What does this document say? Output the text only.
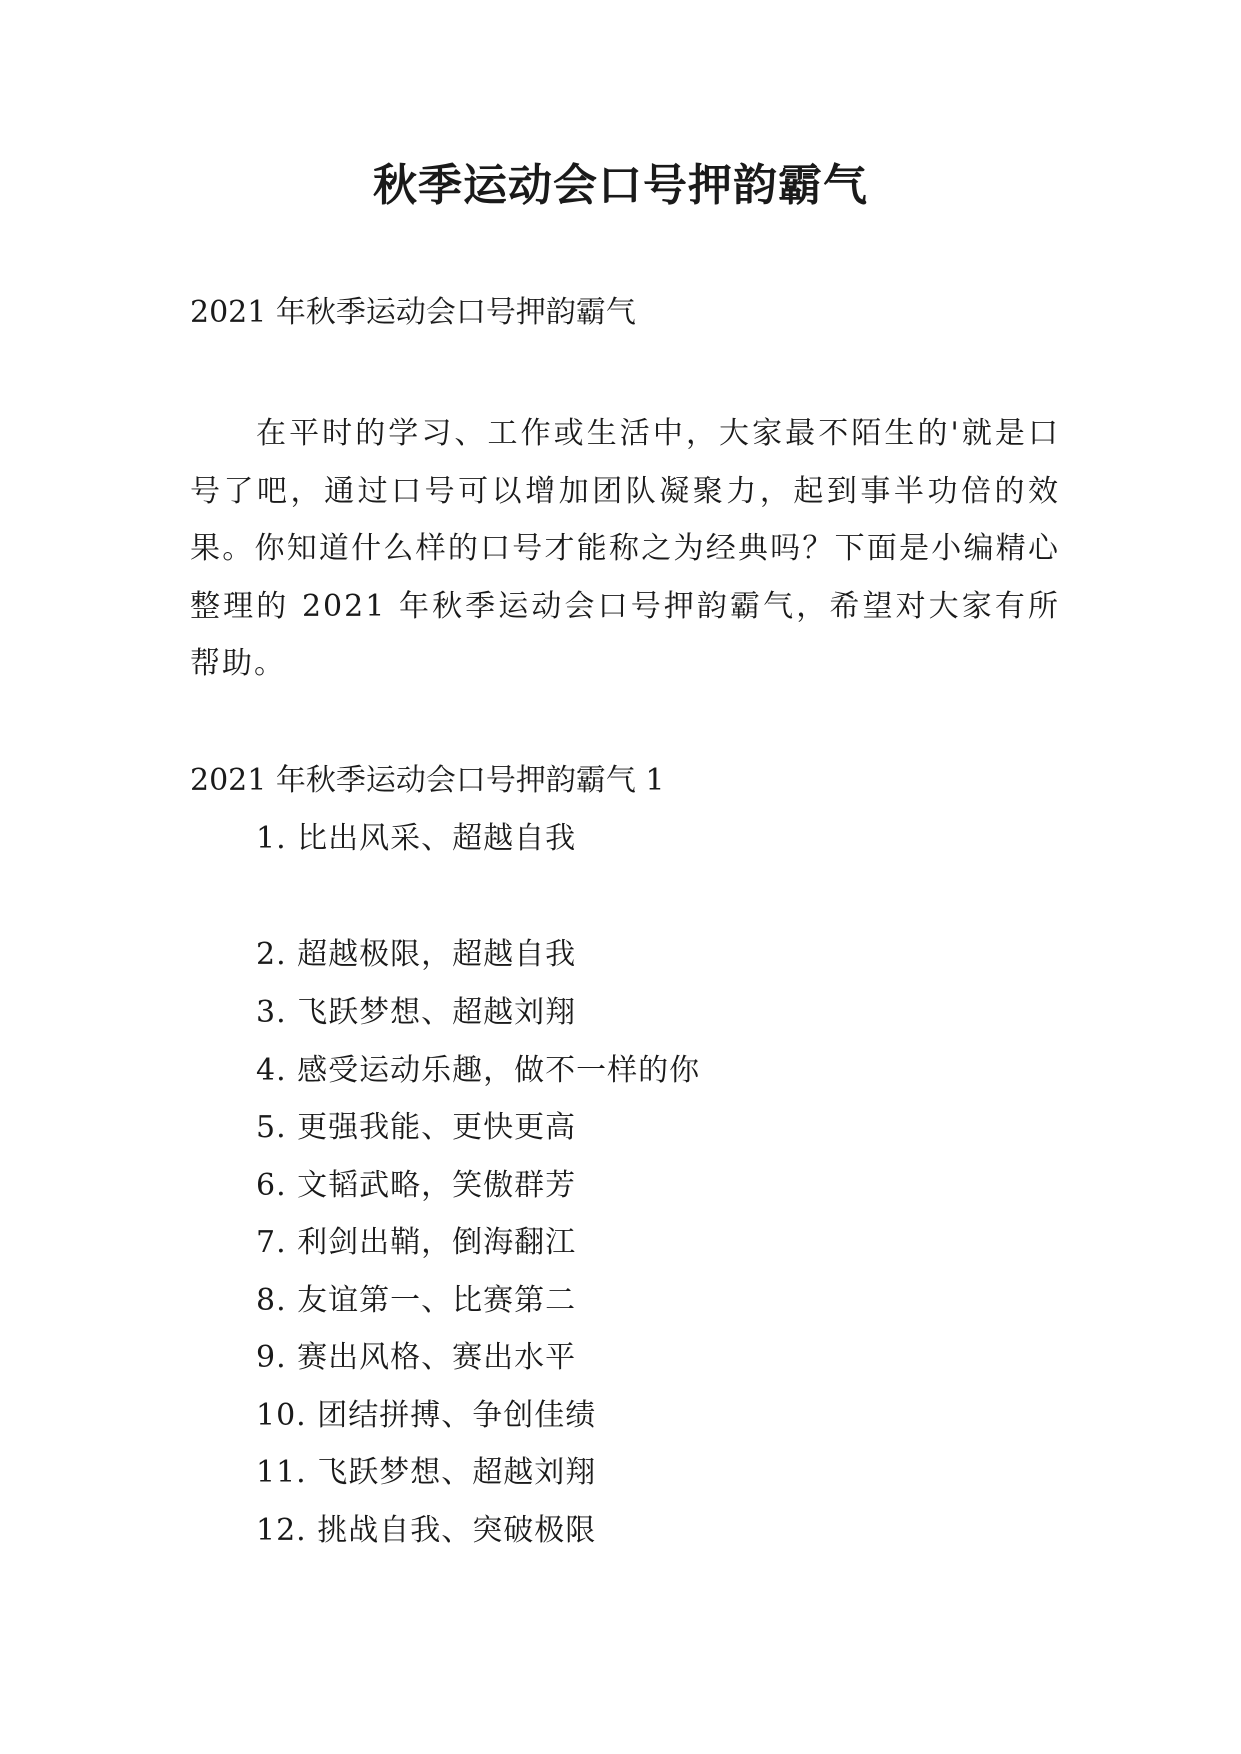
秋季运动会口号押韵霸气

2021 年秋季运动会口号押韵霸气

在平时的学习、工作或生活中，大家最不陌生的'就是口号了吧，通过口号可以增加团队凝聚力，起到事半功倍的效果。你知道什么样的口号才能称之为经典吗？下面是小编精心整理的 2021 年秋季运动会口号押韵霸气，希望对大家有所帮助。

2021 年秋季运动会口号押韵霸气 1

1. 比出风采、超越自我
2. 超越极限，超越自我
3. 飞跃梦想、超越刘翔
4. 感受运动乐趣，做不一样的你
5. 更强我能、更快更高
6. 文韬武略，笑傲群芳
7. 利剑出鞘，倒海翻江
8. 友谊第一、比赛第二
9. 赛出风格、赛出水平
10. 团结拼搏、争创佳绩
11. 飞跃梦想、超越刘翔
12. 挑战自我、突破极限
